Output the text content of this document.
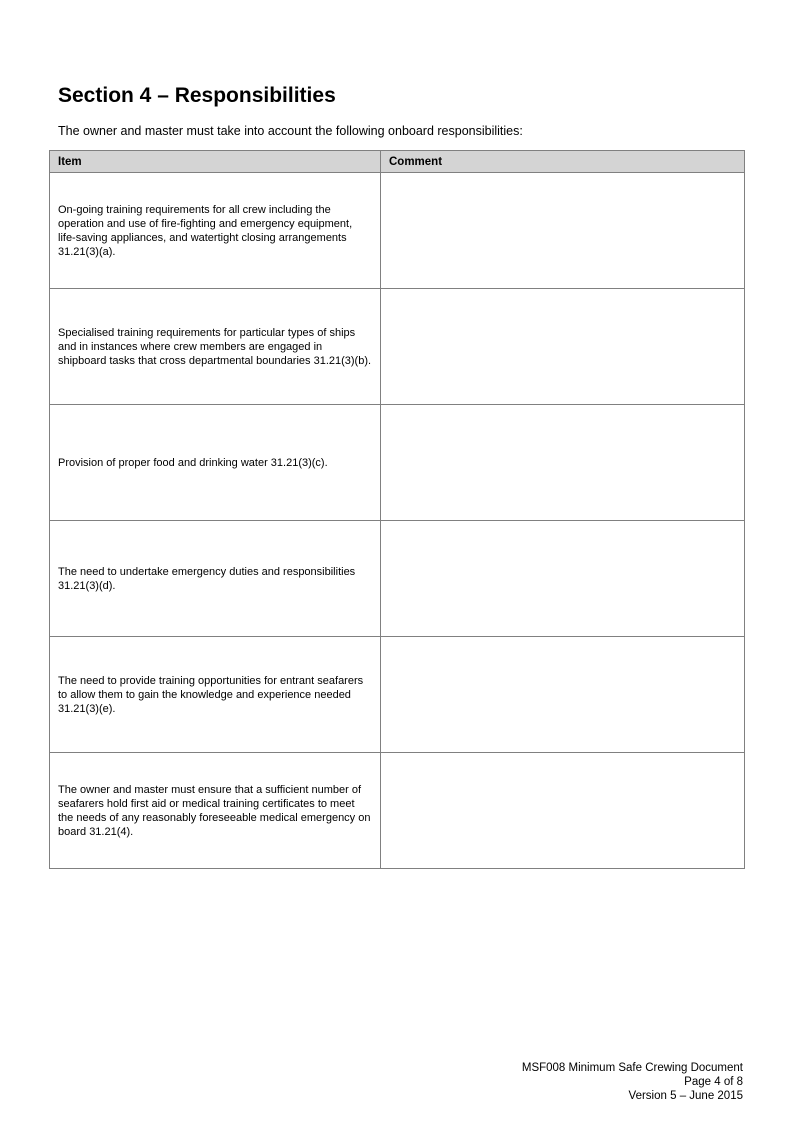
Section 4 – Responsibilities

The owner and master must take into account the following onboard responsibilities:

Item	Comment
On-going training requirements for all crew including the operation and use of fire-fighting and emergency equipment, life-saving appliances, and watertight closing arrangements 31.21(3)(a).	
Specialised training requirements for particular types of ships and in instances where crew members are engaged in shipboard tasks that cross departmental boundaries 31.21(3)(b).	
Provision of proper food and drinking water 31.21(3)(c).	
The need to undertake emergency duties and responsibilities 31.21(3)(d).	
The need to provide training opportunities for entrant seafarers to allow them to gain the knowledge and experience needed 31.21(3)(e).	
The owner and master must ensure that a sufficient number of seafarers hold first aid or medical training certificates to meet the needs of any reasonably foreseeable medical emergency on board 31.21(4).	
MSF008 Minimum Safe Crewing Document
Page 4 of 8
Version 5 – June 2015
